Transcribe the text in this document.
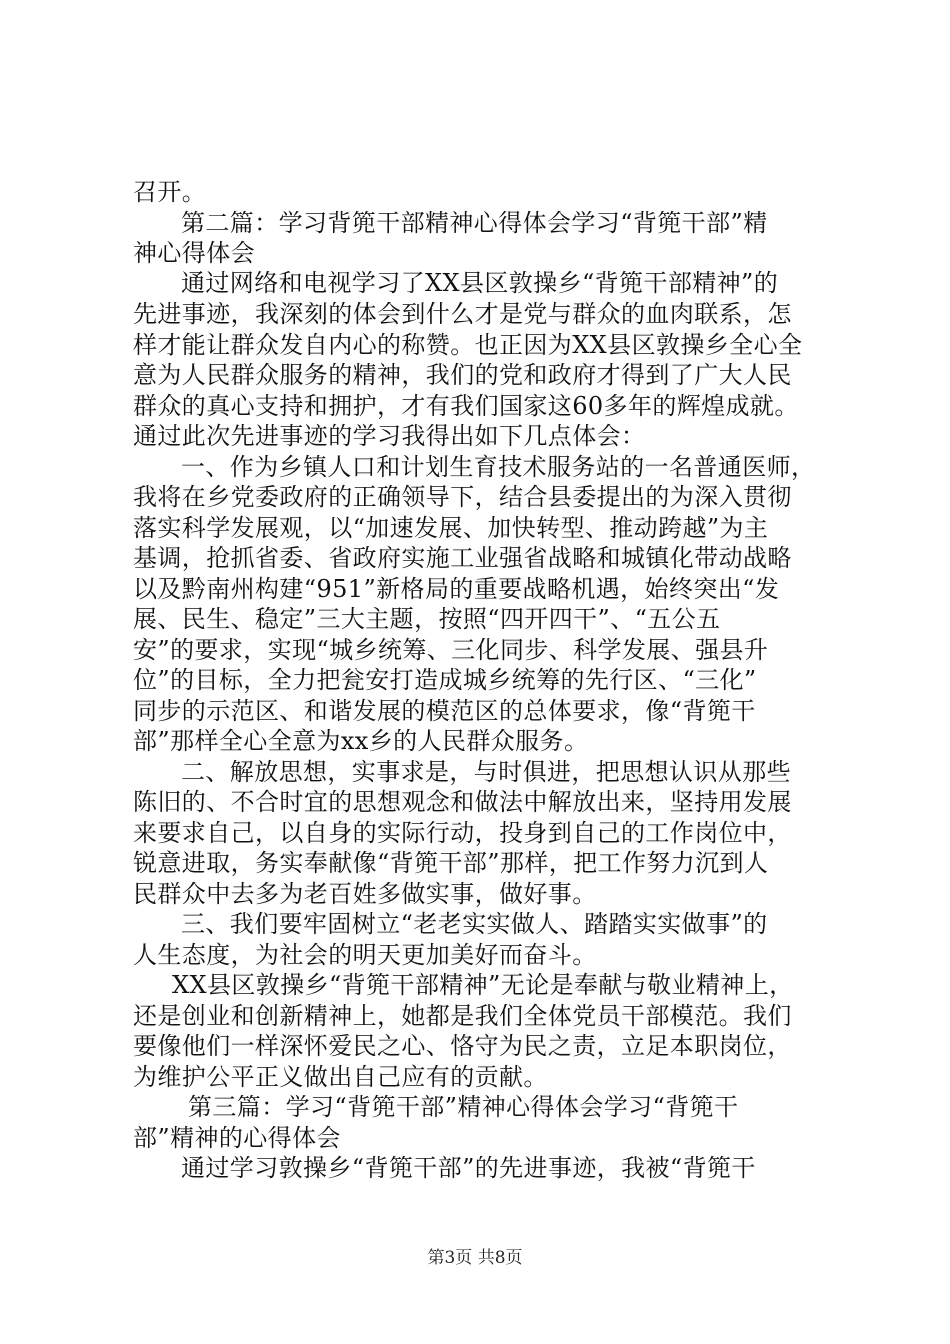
召开。
第二篇：学习背篼干部精神心得体会学习“背篼干部”精
神心得体会
通过网络和电视学习了XX县区敦操乡“背篼干部精神”的
先进事迹，我深刻的体会到什么才是党与群众的血肉联系，怎
样才能让群众发自内心的称赞。也正因为XX县区敦操乡全心全
意为人民群众服务的精神，我们的党和政府才得到了广大人民
群众的真心支持和拥护，才有我们国家这60多年的辉煌成就。
通过此次先进事迹的学习我得出如下几点体会：
一、作为乡镇人口和计划生育技术服务站的一名普通医师，
我将在乡党委政府的正确领导下，结合县委提出的为深入贯彻
落实科学发展观，以“加速发展、加快转型、推动跨越”为主
基调，抢抓省委、省政府实施工业强省战略和城镇化带动战略
以及黔南州构建“951”新格局的重要战略机遇，始终突出“发
展、民生、稳定”三大主题，按照“四开四干”、“五公五
安”的要求，实现“城乡统筹、三化同步、科学发展、强县升
位”的目标，全力把瓮安打造成城乡统筹的先行区、“三化”
同步的示范区、和谐发展的模范区的总体要求，像“背篼干
部”那样全心全意为xx乡的人民群众服务。
二、解放思想，实事求是，与时俱进，把思想认识从那些
陈旧的、不合时宜的思想观念和做法中解放出来，坚持用发展
来要求自己，以自身的实际行动，投身到自己的工作岗位中，
锐意进取，务实奉献像“背篼干部”那样，把工作努力沉到人
民群众中去多为老百姓多做实事，做好事。
三、我们要牢固树立“老老实实做人、踏踏实实做事”的
人生态度，为社会的明天更加美好而奋斗。
XX县区敦操乡“背篼干部精神”无论是奉献与敬业精神上，
还是创业和创新精神上，她都是我们全体党员干部模范。我们
要像他们一样深怀爱民之心、恪守为民之责，立足本职岗位，
为维护公平正义做出自己应有的贡献。
第三篇：学习“背篼干部”精神心得体会学习“背篼干
部”精神的心得体会
通过学习敦操乡“背篼干部”的先进事迹，我被“背篼干
第3页 共8页
